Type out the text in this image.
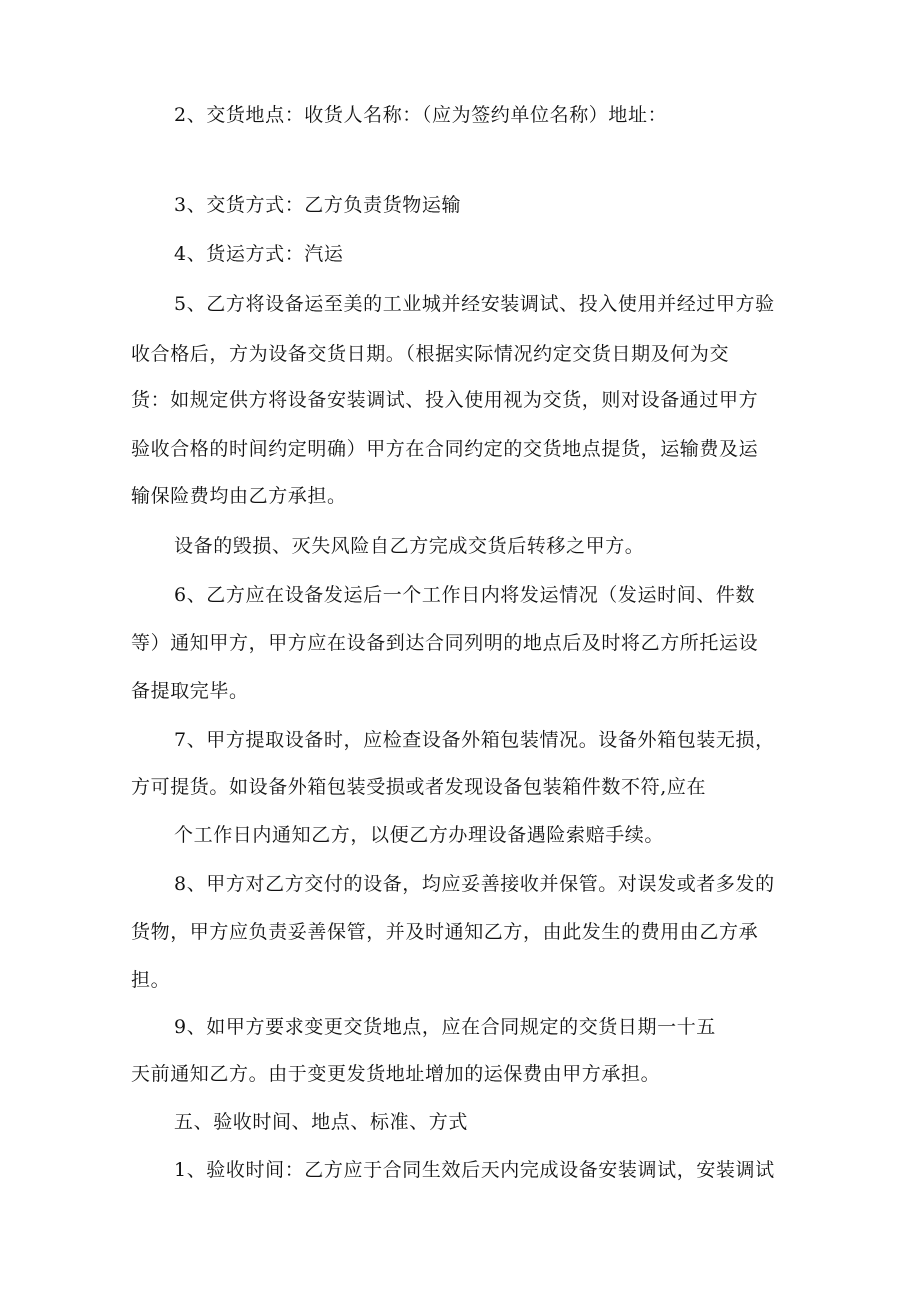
2、交货地点：收货人名称：（应为签约单位名称）地址：
3、交货方式：乙方负责货物运输
4、货运方式：汽运
5、乙方将设备运至美的工业城并经安装调试、投入使用并经过甲方验
收合格后，方为设备交货日期。（根据实际情况约定交货日期及何为交
货：如规定供方将设备安装调试、投入使用视为交货，则对设备通过甲方
验收合格的时间约定明确）甲方在合同约定的交货地点提货，运输费及运
输保险费均由乙方承担。
设备的毁损、灭失风险自乙方完成交货后转移之甲方。
6、乙方应在设备发运后一个工作日内将发运情况（发运时间、件数
等）通知甲方，甲方应在设备到达合同列明的地点后及时将乙方所托运设
备提取完毕。
7、甲方提取设备时，应检查设备外箱包装情况。设备外箱包装无损，
方可提货。如设备外箱包装受损或者发现设备包装箱件数不符,应在
个工作日内通知乙方，以便乙方办理设备遇险索赔手续。
8、甲方对乙方交付的设备，均应妥善接收并保管。对误发或者多发的
货物，甲方应负责妥善保管，并及时通知乙方，由此发生的费用由乙方承
担。
9、如甲方要求变更交货地点，应在合同规定的交货日期一十五
天前通知乙方。由于变更发货地址增加的运保费由甲方承担。
五、验收时间、地点、标准、方式
1、验收时间：乙方应于合同生效后天内完成设备安装调试，安装调试
